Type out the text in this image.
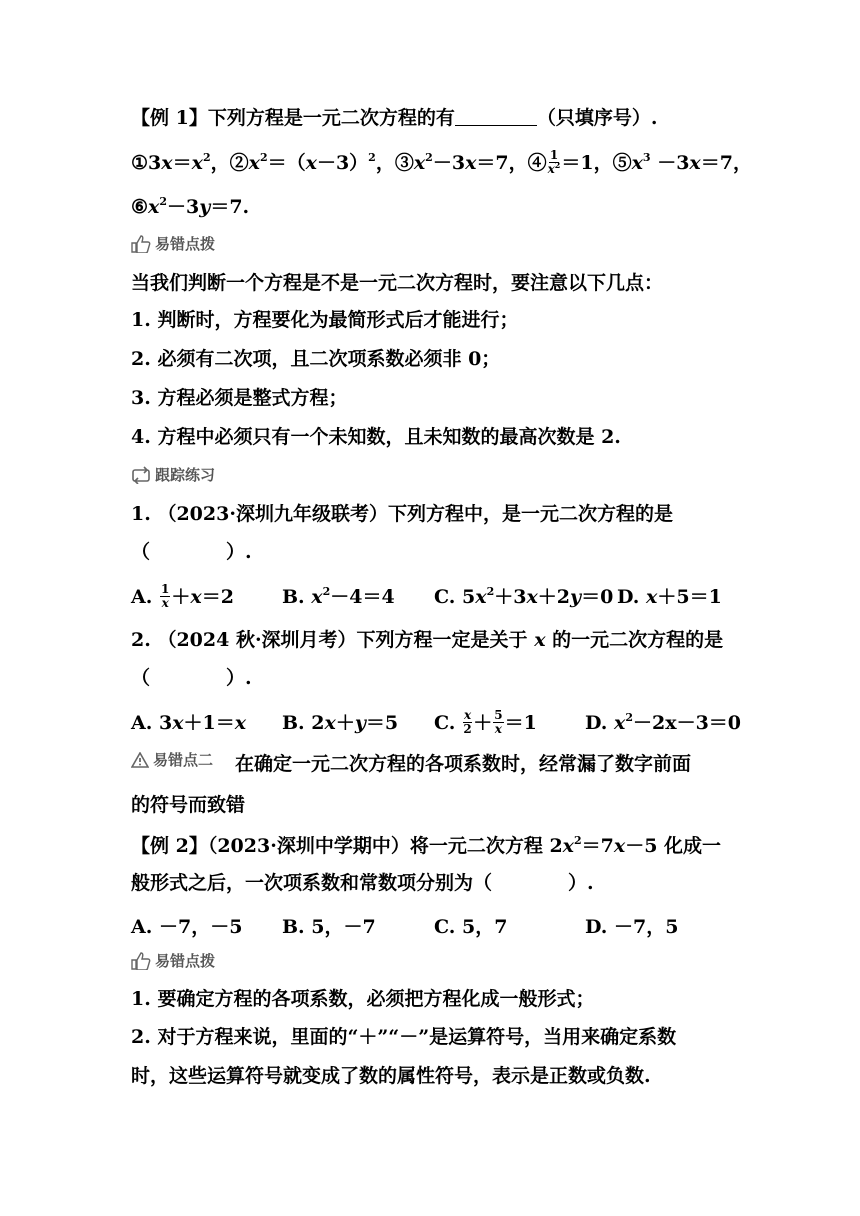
【例 1】下列方程是一元二次方程的有	（只填序号）.
$①3x=x^2$，$②x^2=(x-3)^2$，$③x^2-3x=7$，④ $\frac{1}{x^2} =1$，$⑤x^3 -3x=7$，
$⑥x^2-3y=7$.
易错点拨
当我们判断一个方程是不是一元二次方程时，要注意以下几点：
1. 判断时，方程要化为最简形式后才能进行；
2. 必须有二次项，且二次项系数必须非 0；
3. 方程必须是整式方程；
4. 方程中必须只有一个未知数，且未知数的最高次数是 2.
跟踪练习
1. （2023·深圳九年级联考）下列方程中，是一元二次方程的是
（　　　　）.
A. $\frac{1}{x} +x=2$	B. $x^2-4=4$ C. $5x^2+3x+2y=0$ D. x＋5＝1
2. （2024 秋·深圳月考）下列方程一定是关于 x 的一元二次方程的是
（　　　　）.
A. 3x＋1＝x B. 2x＋y＝5 C. $\frac{x}{2} + \frac{5}{x} =1$	D. $x^2-2x-3=0$
易错点二 在确定一元二次方程的各项系数时，经常漏了数字前面
的符号而致错
【例 2】（2023·深圳中学期中）将一元二次方程 $2x^2=7x-5$ 化成一
般形式之后，一次项系数和常数项分别为（　　　　）.
A. －7，－5 B. 5，－7	C. 5，7	D. －7，5
易错点拨
1. 要确定方程的各项系数，必须把方程化成一般形式；
2. 对于方程来说，里面的“＋”“－”是运算符号，当用来确定系数
时，这些运算符号就变成了数的属性符号，表示是正数或负数.
